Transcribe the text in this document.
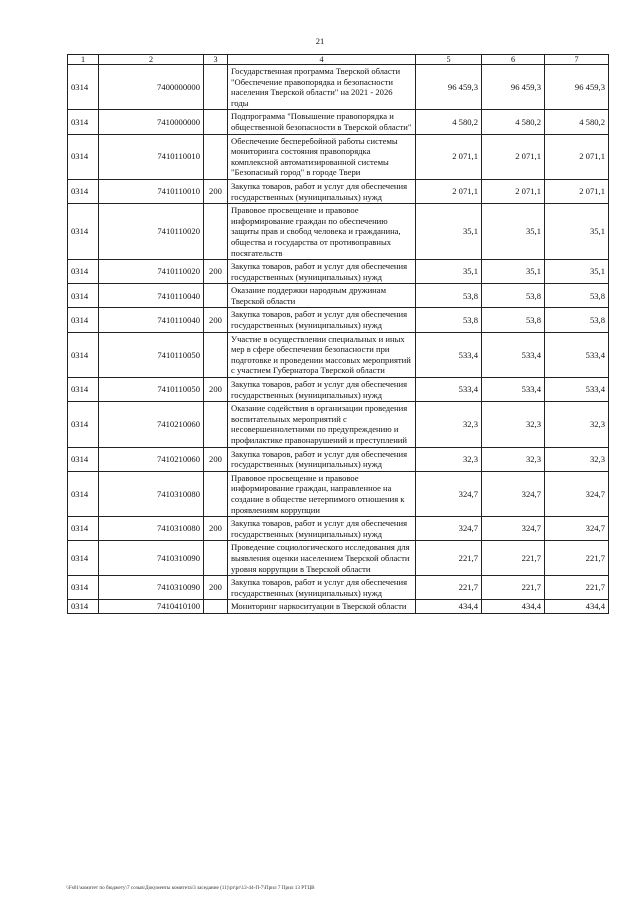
21
1	2	3	4	5	6	7
0314	7400000000		Государственная программа Тверской области "Обеспечение правопорядка и безопасности населения Тверской области" на 2021 - 2026 годы	96 459,3	96 459,3	96 459,3
0314	7410000000		Подпрограмма "Повышение правопорядка и общественной безопасности в Тверской области"	4 580,2	4 580,2	4 580,2
0314	7410110010		Обеспечение бесперебойной работы системы мониторинга состояния правопорядка комплексной автоматизированной системы "Безопасный город" в городе Твери	2 071,1	2 071,1	2 071,1
0314	7410110010	200	Закупка товаров, работ и услуг для обеспечения государственных (муниципальных) нужд	2 071,1	2 071,1	2 071,1
0314	7410110020		Правовое просвещение и правовое информирование граждан по обеспечению защиты прав и свобод человека и гражданина, общества и государства от противоправных посягательств	35,1	35,1	35,1
0314	7410110020	200	Закупка товаров, работ и услуг для обеспечения государственных (муниципальных) нужд	35,1	35,1	35,1
0314	7410110040		Оказание поддержки народным дружинам Тверской области	53,8	53,8	53,8
0314	7410110040	200	Закупка товаров, работ и услуг для обеспечения государственных (муниципальных) нужд	53,8	53,8	53,8
0314	7410110050		Участие в осуществлении специальных и иных мер в сфере обеспечения безопасности при подготовке и проведении массовых мероприятий с участием Губернатора Тверской области	533,4	533,4	533,4
0314	7410110050	200	Закупка товаров, работ и услуг для обеспечения государственных (муниципальных) нужд	533,4	533,4	533,4
0314	7410210060		Оказание содействия в организации проведения воспитательных мероприятий с несовершеннолетними по предупреждению и профилактике правонарушений и преступлений	32,3	32,3	32,3
0314	7410210060	200	Закупка товаров, работ и услуг для обеспечения государственных (муниципальных) нужд	32,3	32,3	32,3
0314	7410310080		Правовое просвещение и правовое информирование граждан, направленное на создание в обществе нетерпимого отношения к проявлениям коррупции	324,7	324,7	324,7
0314	7410310080	200	Закупка товаров, работ и услуг для обеспечения государственных (муниципальных) нужд	324,7	324,7	324,7
0314	7410310090		Проведение социологического исследования для выявления оценки населением Тверской области уровня коррупции в Тверской области	221,7	221,7	221,7
0314	7410310090	200	Закупка товаров, работ и услуг для обеспечения государственных (муниципальных) нужд	221,7	221,7	221,7
0314	7410410100		Мониторинг наркоситуации в Тверской области	434,4	434,4	434,4
\\Fs01\комитет по бюджету\7 созыв\Документы комитета\3 заседание (11)\pr\pr\12-44-П-7\Прил 7 Прил 13 РТЦВ
